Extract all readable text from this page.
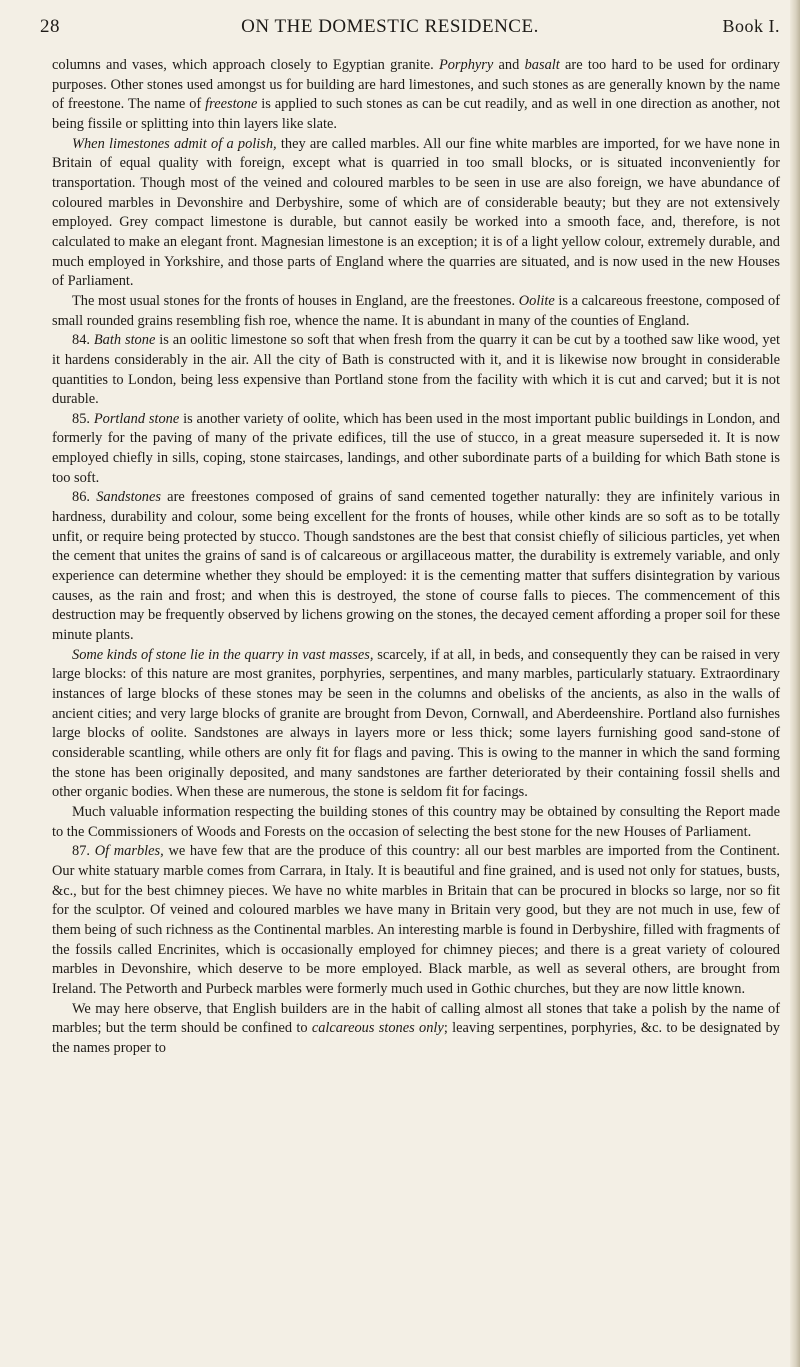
28	ON THE DOMESTIC RESIDENCE.	Book I.

columns and vases, which approach closely to Egyptian granite. Porphyry and basalt are too hard to be used for ordinary purposes. Other stones used amongst us for building are hard limestones, and such stones as are generally known by the name of freestone. The name of freestone is applied to such stones as can be cut readily, and as well in one direction as another, not being fissile or splitting into thin layers like slate.

When limestones admit of a polish, they are called marbles. All our fine white marbles are imported, for we have none in Britain of equal quality with foreign, except what is quarried in too small blocks, or is situated inconveniently for transportation. Though most of the veined and coloured marbles to be seen in use are also foreign, we have abundance of coloured marbles in Devonshire and Derbyshire, some of which are of considerable beauty; but they are not extensively employed. Grey compact limestone is durable, but cannot easily be worked into a smooth face, and, therefore, is not calculated to make an elegant front. Magnesian limestone is an exception; it is of a light yellow colour, extremely durable, and much employed in Yorkshire, and those parts of England where the quarries are situated, and is now used in the new Houses of Parliament.

The most usual stones for the fronts of houses in England, are the freestones. Oolite is a calcareous freestone, composed of small rounded grains resembling fish roe, whence the name. It is abundant in many of the counties of England.

84. Bath stone is an oolitic limestone so soft that when fresh from the quarry it can be cut by a toothed saw like wood, yet it hardens considerably in the air. All the city of Bath is constructed with it, and it is likewise now brought in considerable quantities to London, being less expensive than Portland stone from the facility with which it is cut and carved; but it is not durable.

85. Portland stone is another variety of oolite, which has been used in the most important public buildings in London, and formerly for the paving of many of the private edifices, till the use of stucco, in a great measure superseded it. It is now employed chiefly in sills, coping, stone staircases, landings, and other subordinate parts of a building for which Bath stone is too soft.

86. Sandstones are freestones composed of grains of sand cemented together naturally: they are infinitely various in hardness, durability and colour, some being excellent for the fronts of houses, while other kinds are so soft as to be totally unfit, or require being protected by stucco. Though sandstones are the best that consist chiefly of silicious particles, yet when the cement that unites the grains of sand is of calcareous or argillaceous matter, the durability is extremely variable, and only experience can determine whether they should be employed: it is the cementing matter that suffers disintegration by various causes, as the rain and frost; and when this is destroyed, the stone of course falls to pieces. The commencement of this destruction may be frequently observed by lichens growing on the stones, the decayed cement affording a proper soil for these minute plants.

Some kinds of stone lie in the quarry in vast masses, scarcely, if at all, in beds, and consequently they can be raised in very large blocks: of this nature are most granites, porphyries, serpentines, and many marbles, particularly statuary. Extraordinary instances of large blocks of these stones may be seen in the columns and obelisks of the ancients, as also in the walls of ancient cities; and very large blocks of granite are brought from Devon, Cornwall, and Aberdeenshire. Portland also furnishes large blocks of oolite. Sandstones are always in layers more or less thick; some layers furnishing good sand-stone of considerable scantling, while others are only fit for flags and paving. This is owing to the manner in which the sand forming the stone has been originally deposited, and many sandstones are farther deteriorated by their containing fossil shells and other organic bodies. When these are numerous, the stone is seldom fit for facings.

Much valuable information respecting the building stones of this country may be obtained by consulting the Report made to the Commissioners of Woods and Forests on the occasion of selecting the best stone for the new Houses of Parliament.

87. Of marbles, we have few that are the produce of this country: all our best marbles are imported from the Continent. Our white statuary marble comes from Carrara, in Italy. It is beautiful and fine grained, and is used not only for statues, busts, &c., but for the best chimney pieces. We have no white marbles in Britain that can be procured in blocks so large, nor so fit for the sculptor. Of veined and coloured marbles we have many in Britain very good, but they are not much in use, few of them being of such richness as the Continental marbles. An interesting marble is found in Derbyshire, filled with fragments of the fossils called Encrinites, which is occasionally employed for chimney pieces; and there is a great variety of coloured marbles in Devonshire, which deserve to be more employed. Black marble, as well as several others, are brought from Ireland. The Petworth and Purbeck marbles were formerly much used in Gothic churches, but they are now little known.

We may here observe, that English builders are in the habit of calling almost all stones that take a polish by the name of marbles; but the term should be confined to calcareous stones only; leaving serpentines, porphyries, &c. to be designated by the names proper to
